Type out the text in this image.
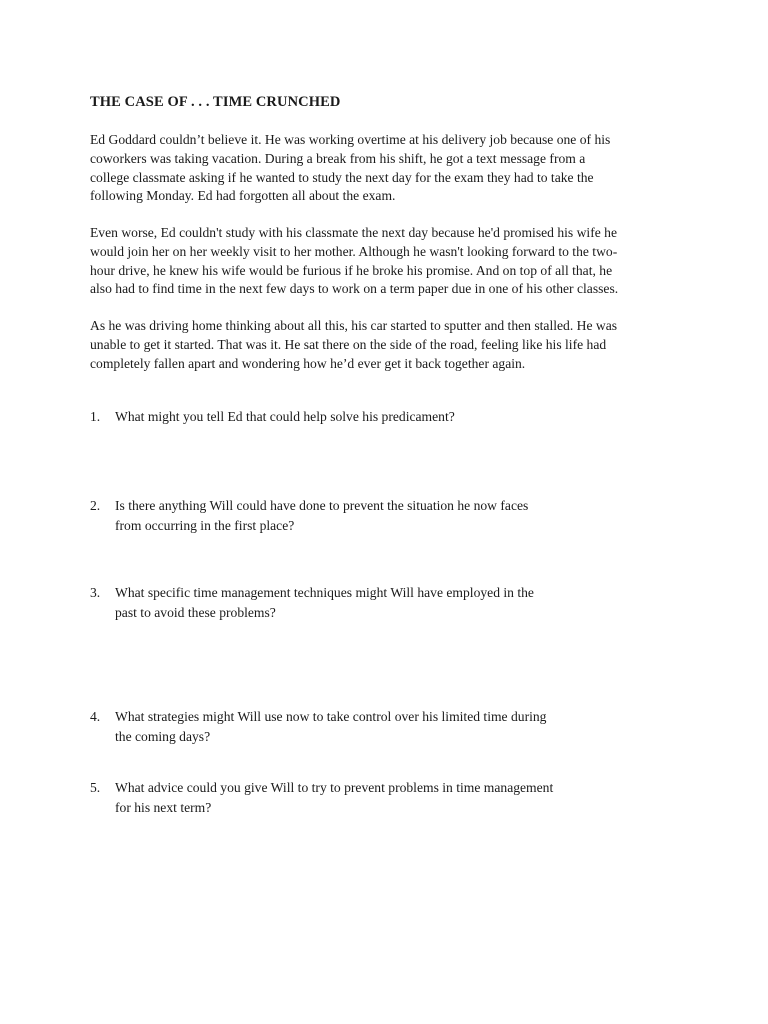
THE CASE OF . . . TIME CRUNCHED
Ed Goddard couldn’t believe it. He was working overtime at his delivery job because one of his
coworkers was taking vacation. During a break from his shift, he got a text message from a
college classmate asking if he wanted to study the next day for the exam they had to take the
following Monday. Ed had forgotten all about the exam.
Even worse, Ed couldn't study with his classmate the next day because he'd promised his wife he
would join her on her weekly visit to her mother. Although he wasn't looking forward to the two-
hour drive, he knew his wife would be furious if he broke his promise. And on top of all that, he
also had to find time in the next few days to work on a term paper due in one of his other classes.
As he was driving home thinking about all this, his car started to sputter and then stalled. He was
unable to get it started. That was it. He sat there on the side of the road, feeling like his life had
completely fallen apart and wondering how he’d ever get it back together again.
1.	What might you tell Ed that could help solve his predicament?
2.	Is there anything Will could have done to prevent the situation he now faces
from occurring in the first place?
3.	What specific time management techniques might Will have employed in the
past to avoid these problems?
4.	What strategies might Will use now to take control over his limited time during
the coming days?
5.	What advice could you give Will to try to prevent problems in time management
for his next term?
